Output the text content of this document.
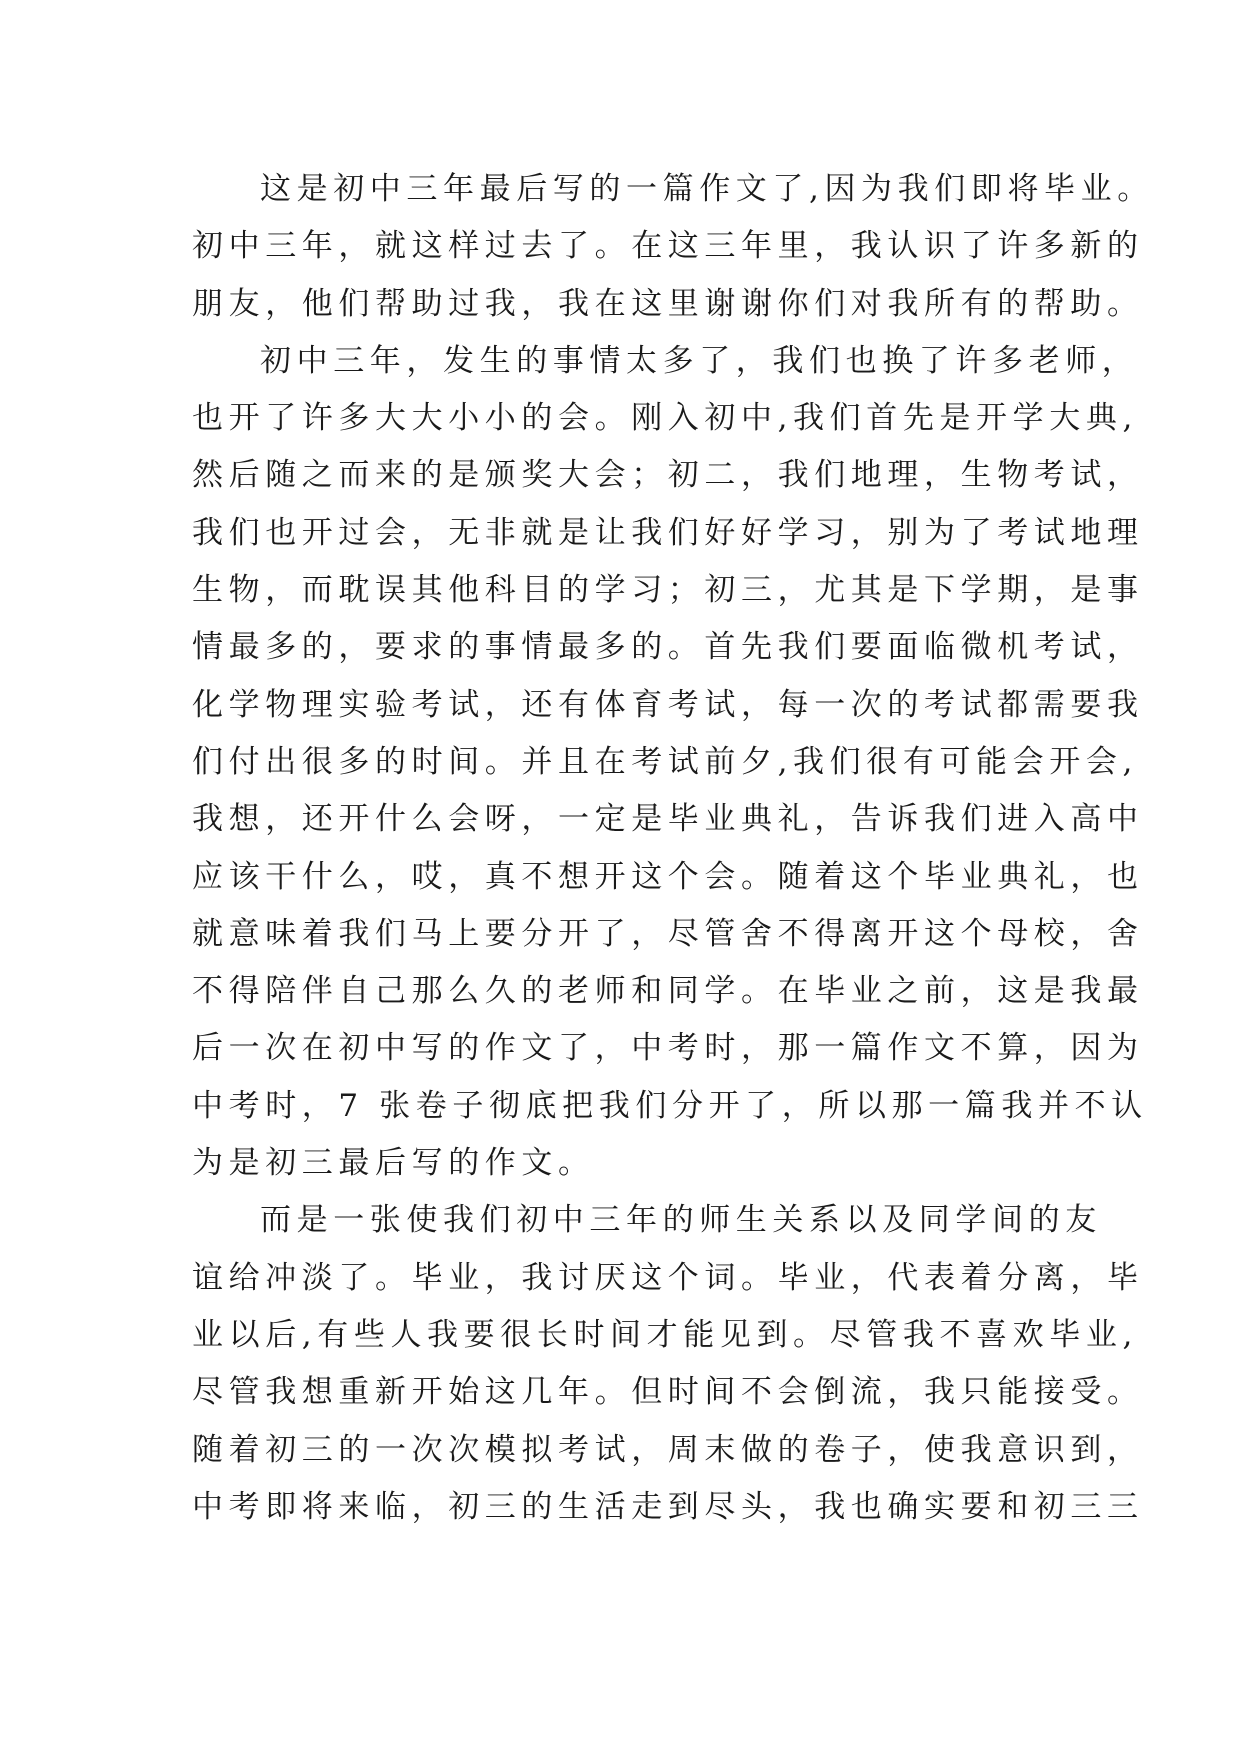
这是初中三年最后写的一篇作文了,因为我们即将毕业。
初中三年，就这样过去了。在这三年里，我认识了许多新的
朋友，他们帮助过我，我在这里谢谢你们对我所有的帮助。
初中三年，发生的事情太多了，我们也换了许多老师，
也开了许多大大小小的会。刚入初中,我们首先是开学大典,
然后随之而来的是颁奖大会；初二，我们地理，生物考试，
我们也开过会，无非就是让我们好好学习，别为了考试地理
生物，而耽误其他科目的学习；初三，尤其是下学期，是事
情最多的，要求的事情最多的。首先我们要面临微机考试，
化学物理实验考试，还有体育考试，每一次的考试都需要我
们付出很多的时间。并且在考试前夕,我们很有可能会开会,
我想，还开什么会呀，一定是毕业典礼，告诉我们进入高中
应该干什么，哎，真不想开这个会。随着这个毕业典礼，也
就意味着我们马上要分开了，尽管舍不得离开这个母校，舍
不得陪伴自己那么久的老师和同学。在毕业之前，这是我最
后一次在初中写的作文了，中考时，那一篇作文不算，因为
中考时，7 张卷子彻底把我们分开了，所以那一篇我并不认
为是初三最后写的作文。
而是一张使我们初中三年的师生关系以及同学间的友
谊给冲淡了。毕业，我讨厌这个词。毕业，代表着分离，毕
业以后,有些人我要很长时间才能见到。尽管我不喜欢毕业,
尽管我想重新开始这几年。但时间不会倒流，我只能接受。
随着初三的一次次模拟考试，周末做的卷子，使我意识到，
中考即将来临，初三的生活走到尽头，我也确实要和初三三
